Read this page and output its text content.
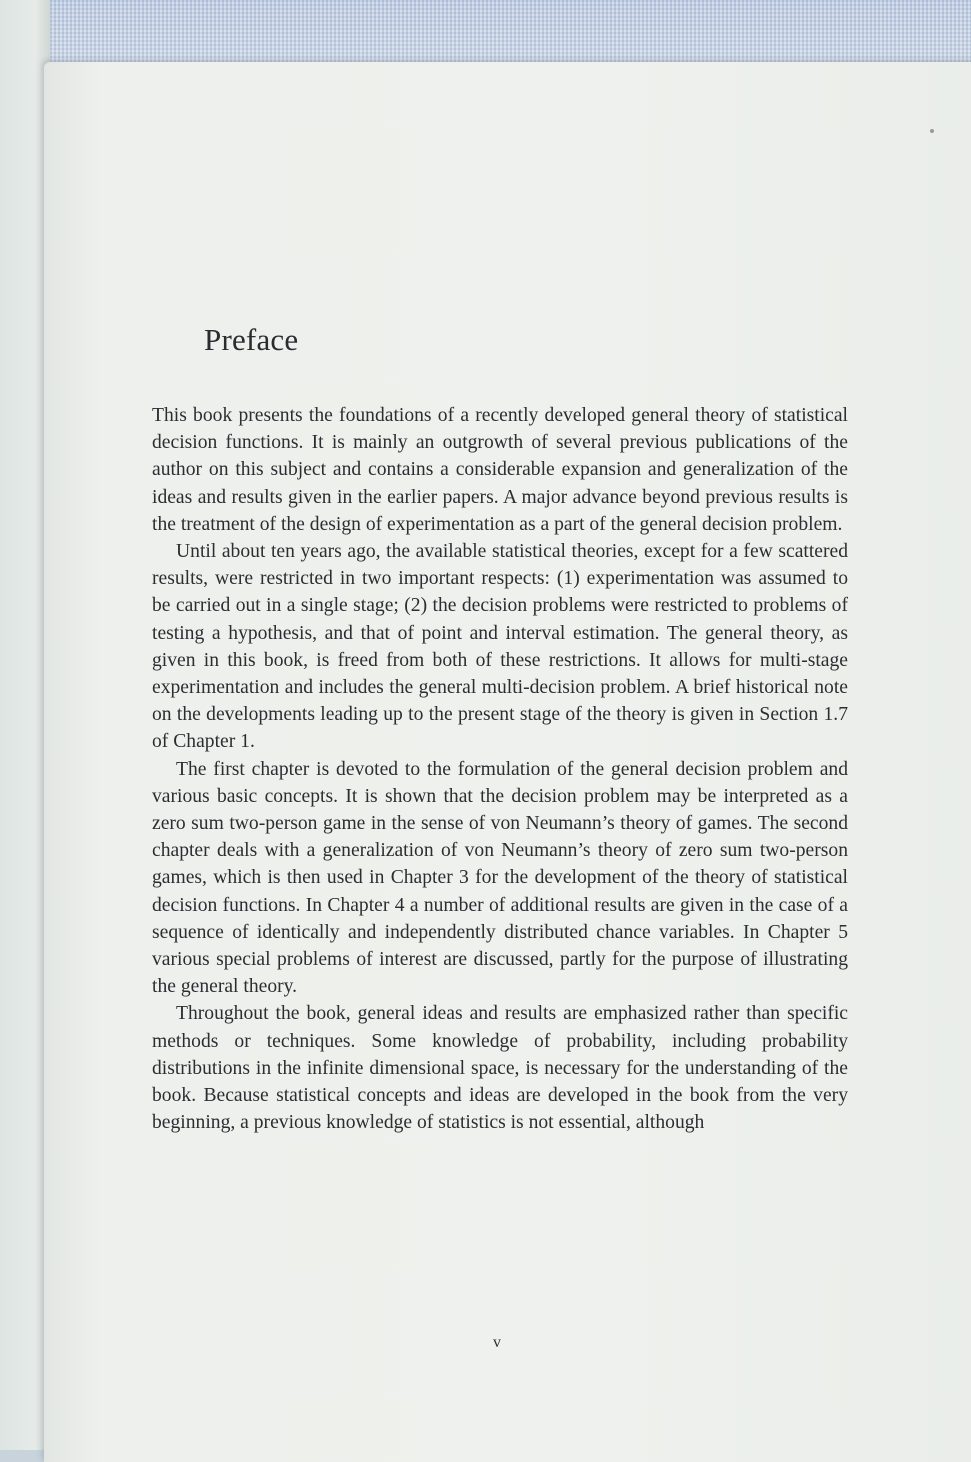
Preface

This book presents the foundations of a recently developed general theory of statistical decision functions. It is mainly an outgrowth of several previous publications of the author on this subject and contains a considerable expansion and generalization of the ideas and results given in the earlier papers. A major advance beyond previous results is the treatment of the design of experimentation as a part of the general decision problem.

Until about ten years ago, the available statistical theories, except for a few scattered results, were restricted in two important respects: (1) experimentation was assumed to be carried out in a single stage; (2) the decision problems were restricted to problems of testing a hypothesis, and that of point and interval estimation. The general theory, as given in this book, is freed from both of these restrictions. It allows for multi-stage experimentation and includes the general multi-decision problem. A brief historical note on the developments leading up to the present stage of the theory is given in Section 1.7 of Chapter 1.

The first chapter is devoted to the formulation of the general decision problem and various basic concepts. It is shown that the decision problem may be interpreted as a zero sum two-person game in the sense of von Neumann’s theory of games. The second chapter deals with a generalization of von Neumann’s theory of zero sum two-person games, which is then used in Chapter 3 for the development of the theory of statistical decision functions. In Chapter 4 a number of additional results are given in the case of a sequence of identically and independently distributed chance variables. In Chapter 5 various special problems of interest are discussed, partly for the purpose of illustrating the general theory.

Throughout the book, general ideas and results are emphasized rather than specific methods or techniques. Some knowledge of probability, including probability distributions in the infinite dimensional space, is necessary for the understanding of the book. Because statistical concepts and ideas are developed in the book from the very beginning, a previous knowledge of statistics is not essential, although

v
